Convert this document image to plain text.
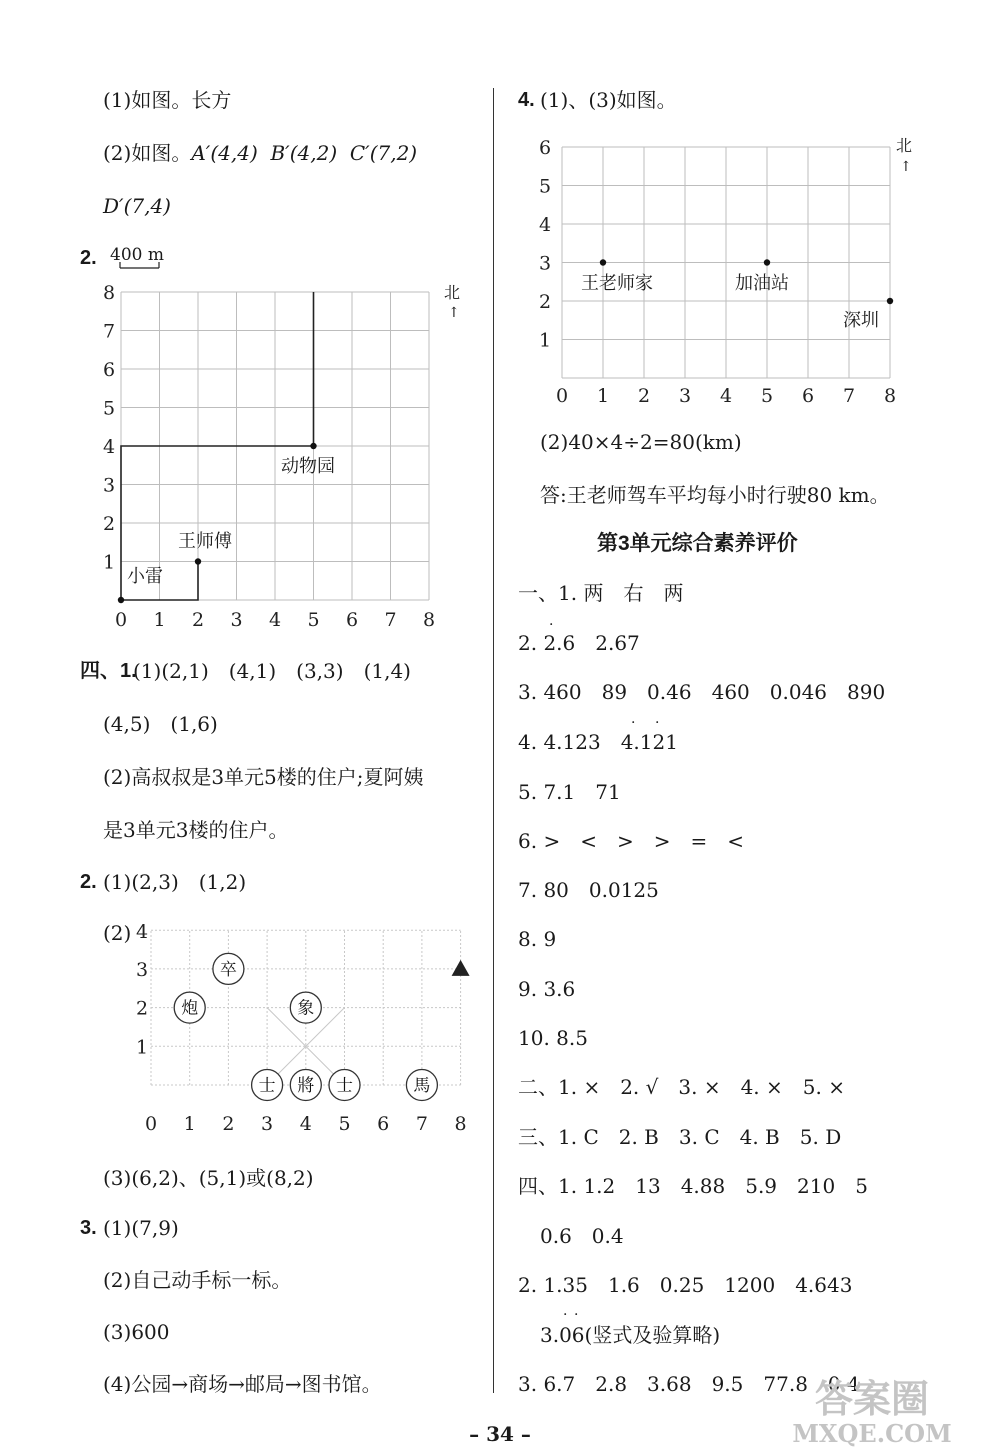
(1)如图。长方
(2)如图。A′(4,4) B′(4,2) C′(7,2)
D′(7,4)
2. 400 m
0 1 2 3 4 5 6 7 8
1
2
3
4
5
6
7
8	北
↑
动物园
王师傅
小雷
四、1.
(1)(2,1)　(4,1)　(3,3)　(1,4)
(4,5)　(1,6)
(2)高叔叔是3单元5楼的住户;夏阿姨
是3单元3楼的住户。
2. (1)(2,3)　(1,2)
(2)
0 1 2 3 4 5 6 7 8
3
2
1
4
卒
炮	象
士 將 士	馬
(3)(6,2)、(5,1)或(8,2)
3. (1)(7,9)
(2)自己动手标一标。
(3)600
(4)公园→商场→邮局→图书馆。
4. (1)、(3)如图。
0 1 2 3 4 5 6 7 8
1
2
3
4
5
6	北
↑
王老师家	加油站
深圳
(2)40×4÷2=80(km)
答:王老师驾车平均每小时行驶80 km。
第3单元综合素养评价
一、1. 两　右　两
2. 2.6　2.67
·
3. 460　89　0.46　460　0.046　890
4. 4.123　4.121
· ·
5. 7.1　71
6. >　<　>　>　=　<
7. 80　0.0125
8. 9
9. 3.6
10. 8.5
二、1. ×　2. √　3. ×　4. ×　5. ×
三、1. C　2. B　3. C　4. B　5. D
四、1. 1.2　13　4.88　5.9　210　5
0.6　0.4
2. 1.35　1.6　0.25　1200　4.643
3.06(竖式及验算略)
· ·
3. 6.7　2.8　3.68　9.5　77.8　0.4
答案圈
MXQE.COM
– 34 –
